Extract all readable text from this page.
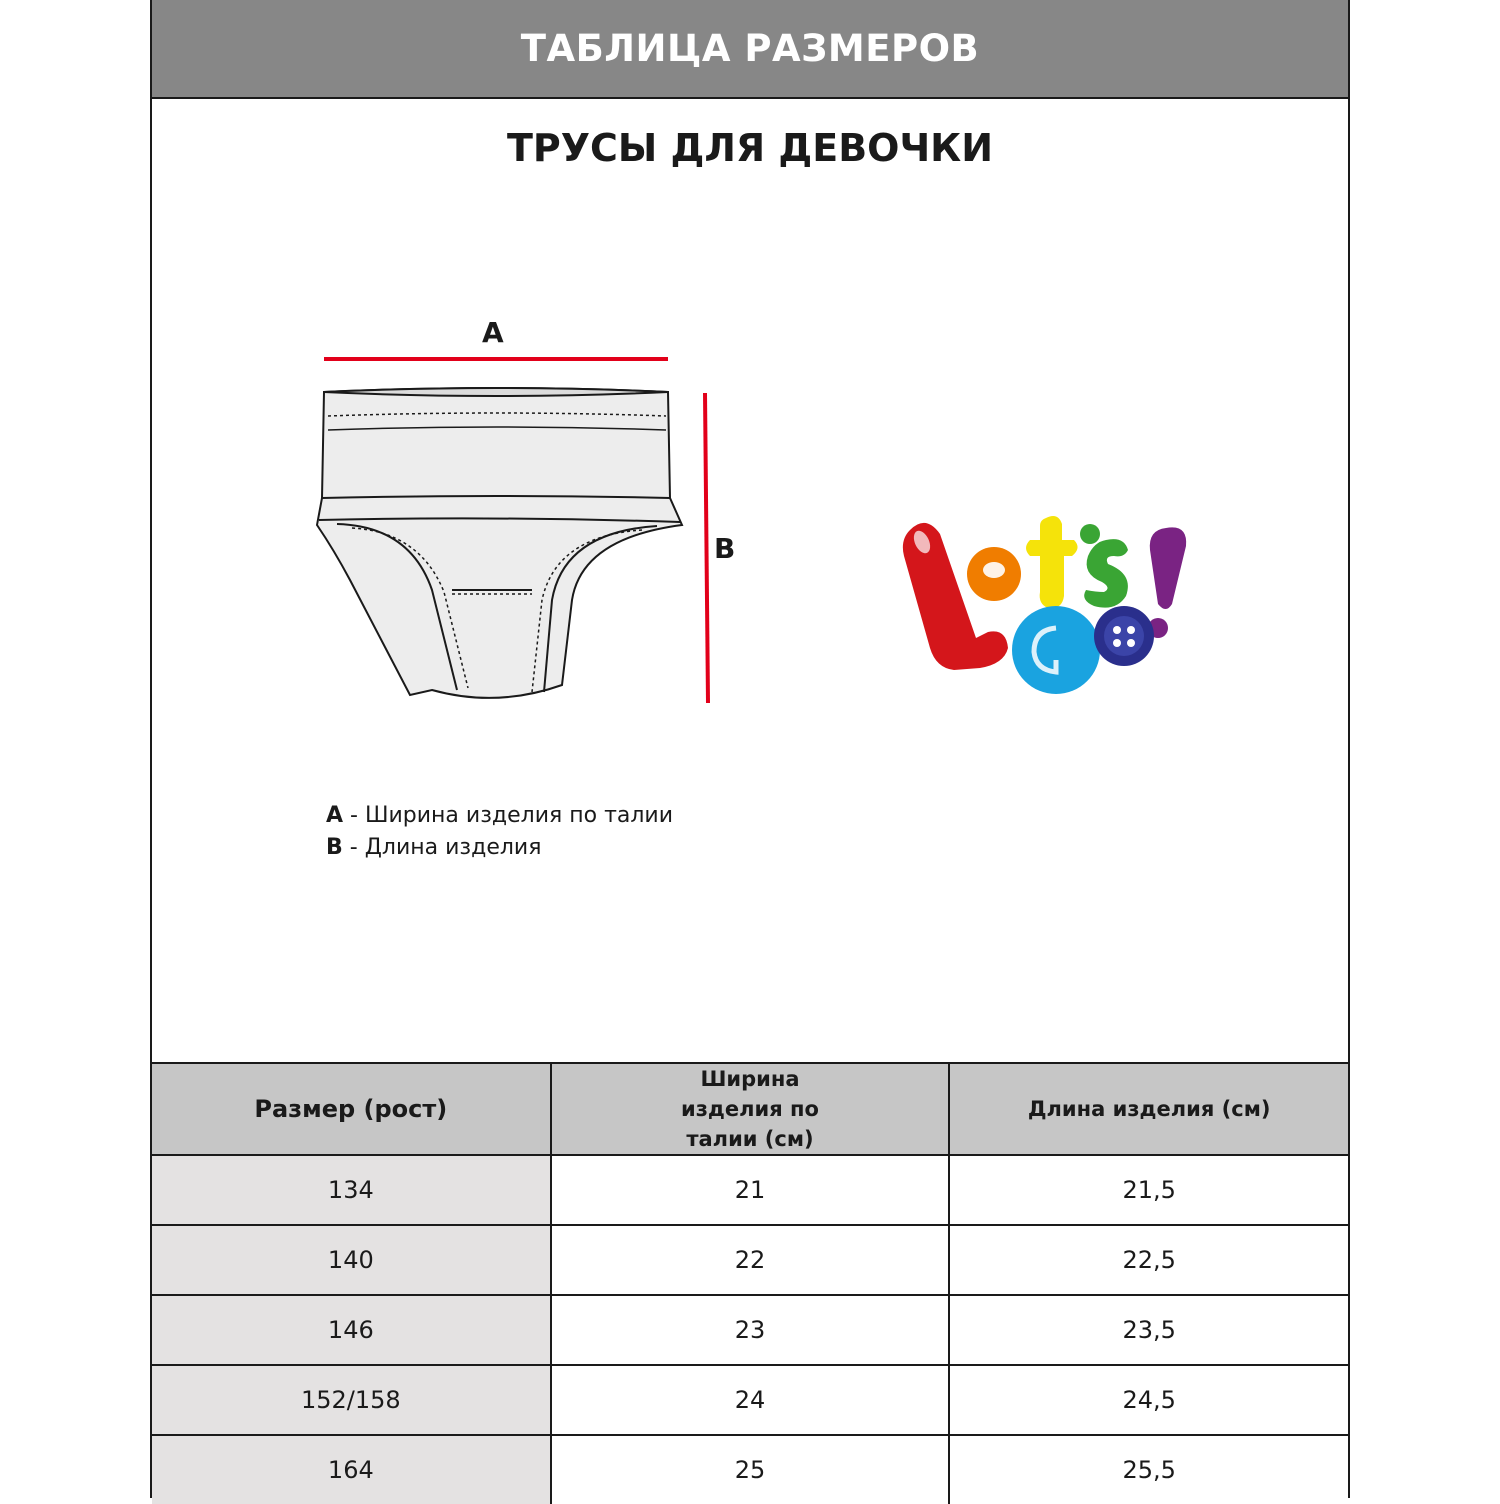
ТАБЛИЦА РАЗМЕРОВ
ТРУСЫ ДЛЯ ДЕВОЧКИ
A
B
A - Ширина изделия по талии
B - Длина изделия
Размер (рост)	Ширина изделия по талии (см)	Длина изделия (см)
134	21	21,5
140	22	22,5
146	23	23,5
152/158	24	24,5
164	25	25,5
